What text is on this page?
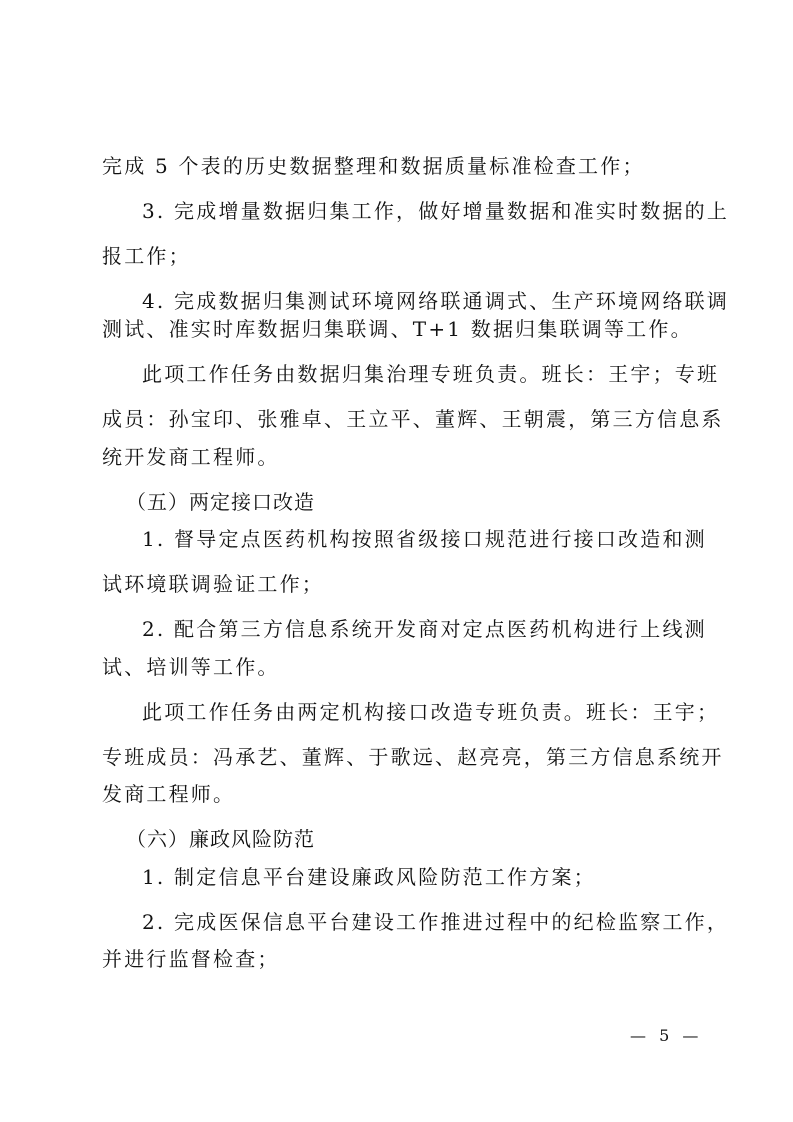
完成 5 个表的历史数据整理和数据质量标准检查工作；
3. 完成增量数据归集工作，做好增量数据和准实时数据的上
报工作；
4. 完成数据归集测试环境网络联通调式、生产环境网络联调
测试、准实时库数据归集联调、T+1 数据归集联调等工作。
此项工作任务由数据归集治理专班负责。班长：王宇；专班
成员：孙宝印、张雅卓、王立平、董辉、王朝震，第三方信息系
统开发商工程师。
（五）两定接口改造
1. 督导定点医药机构按照省级接口规范进行接口改造和测
试环境联调验证工作；
2. 配合第三方信息系统开发商对定点医药机构进行上线测
试、培训等工作。
此项工作任务由两定机构接口改造专班负责。班长：王宇；
专班成员：冯承艺、董辉、于歌远、赵亮亮，第三方信息系统开
发商工程师。
（六）廉政风险防范
1. 制定信息平台建设廉政风险防范工作方案；
2. 完成医保信息平台建设工作推进过程中的纪检监察工作，
并进行监督检查；
— 5 —
